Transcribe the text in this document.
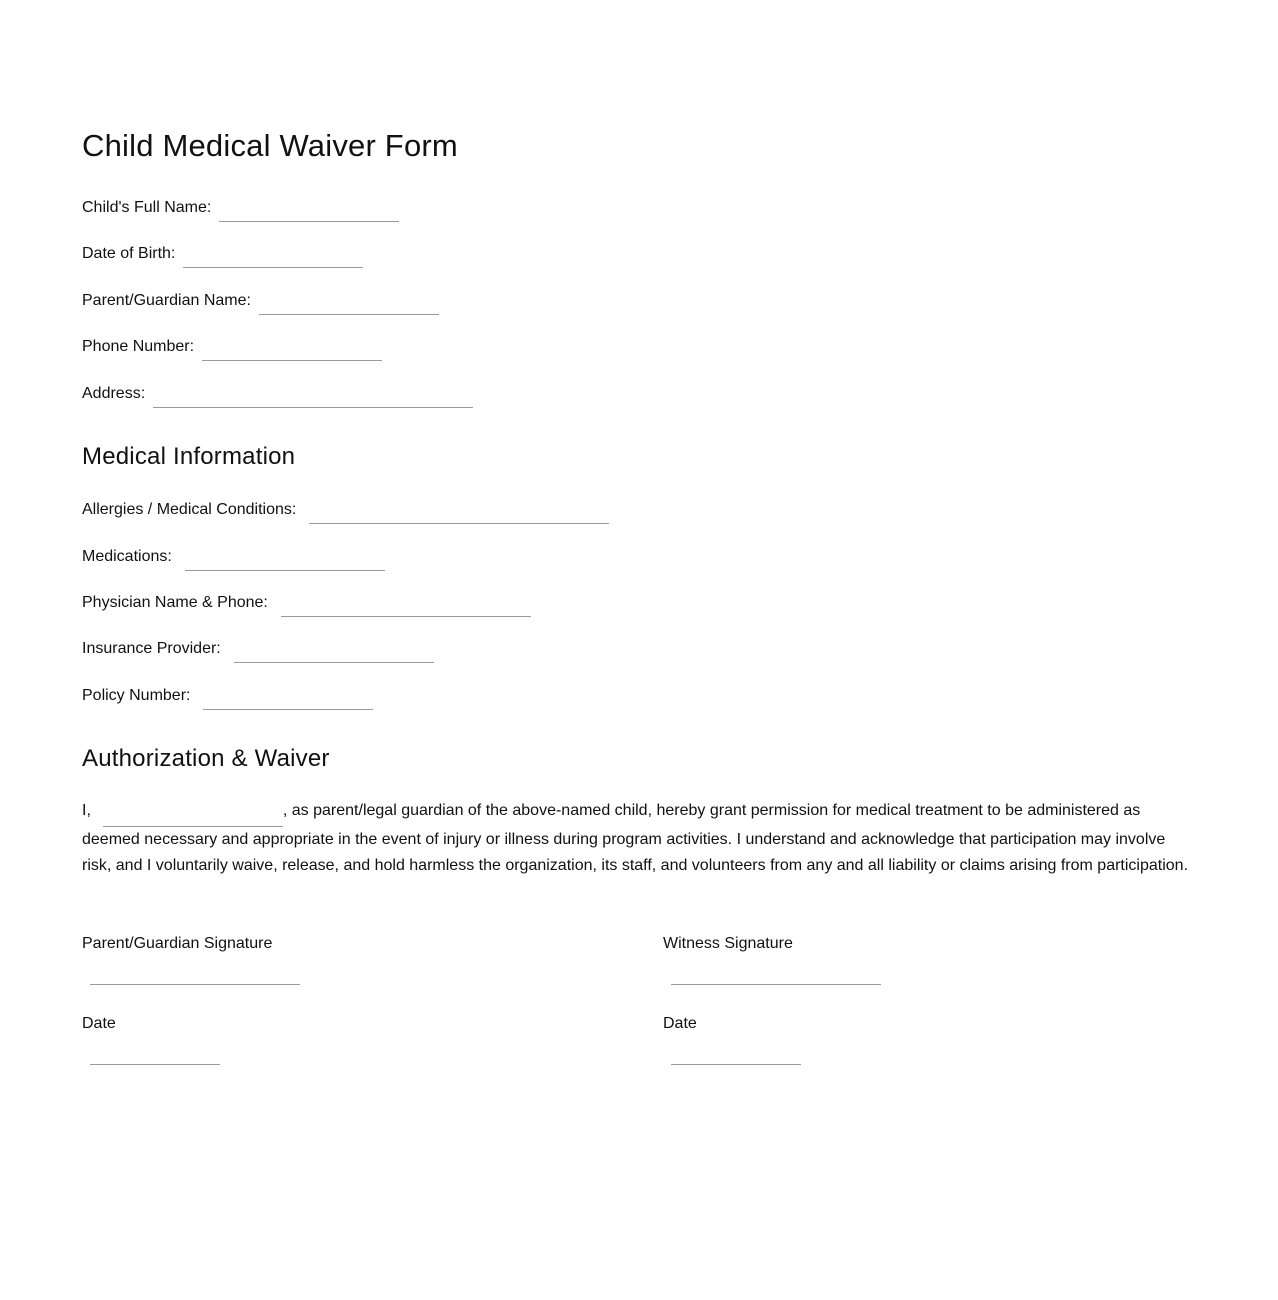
Child Medical Waiver Form
Child's Full Name:
Date of Birth:
Parent/Guardian Name:
Phone Number:
Address:
Medical Information
Allergies / Medical Conditions:
Medications:
Physician Name & Phone:
Insurance Provider:
Policy Number:
Authorization & Waiver

I,	, as parent/legal guardian of the above-named child, hereby grant permission for medical treatment to be administered as deemed necessary and appropriate in the event of injury or illness during program activities. I understand and acknowledge that participation may involve risk, and I voluntarily waive, release, and hold harmless the organization, its staff, and volunteers from any and all liability or claims arising from participation.

Parent/Guardian Signature	Witness Signature
Date	Date
